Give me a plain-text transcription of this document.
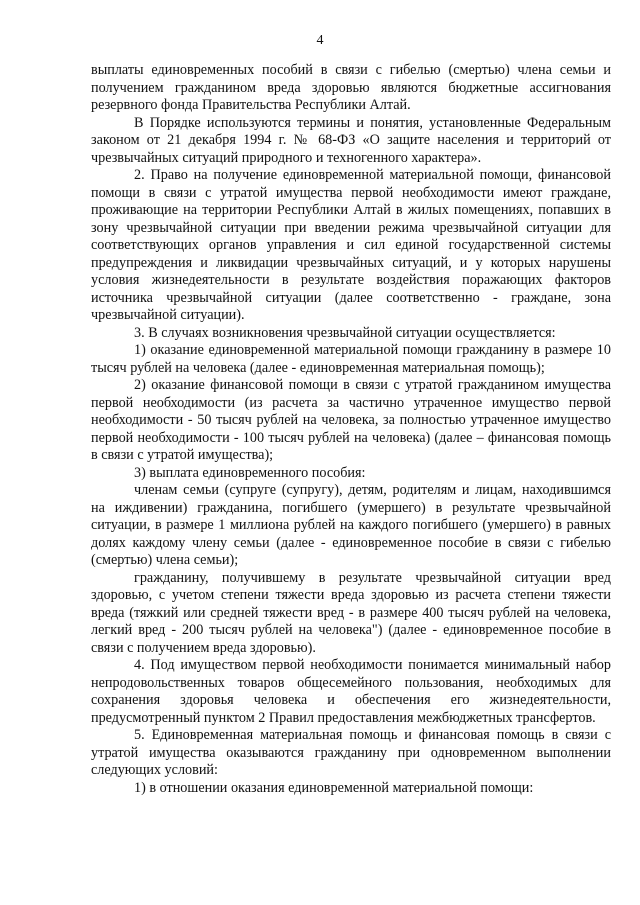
4

выплаты единовременных пособий в связи с гибелью (смертью) члена семьи и получением гражданином вреда здоровью являются бюджетные ассигнования резервного фонда Правительства Республики Алтай.

В Порядке используются термины и понятия, установленные Федеральным законом от 21 декабря 1994 г. № 68-ФЗ «О защите населения и территорий от чрезвычайных ситуаций природного и техногенного характера».

2. Право на получение единовременной материальной помощи, финансовой помощи в связи с утратой имущества первой необходимости имеют граждане, проживающие на территории Республики Алтай в жилых помещениях, попавших в зону чрезвычайной ситуации при введении режима чрезвычайной ситуации для соответствующих органов управления и сил единой государственной системы предупреждения и ликвидации чрезвычайных ситуаций, и у которых нарушены условия жизнедеятельности в результате воздействия поражающих факторов источника чрезвычайной ситуации (далее соответственно - граждане, зона чрезвычайной ситуации).

3. В случаях возникновения чрезвычайной ситуации осуществляется:

1) оказание единовременной материальной помощи гражданину в размере 10 тысяч рублей на человека (далее - единовременная материальная помощь);

2) оказание финансовой помощи в связи с утратой гражданином имущества первой необходимости (из расчета за частично утраченное имущество первой необходимости - 50 тысяч рублей на человека, за полностью утраченное имущество первой необходимости - 100 тысяч рублей на человека) (далее – финансовая помощь в связи с утратой имущества);

3) выплата единовременного пособия:

членам семьи (супруге (супругу), детям, родителям и лицам, находившимся на иждивении) гражданина, погибшего (умершего) в результате чрезвычайной ситуации, в размере 1 миллиона рублей на каждого погибшего (умершего) в равных долях каждому члену семьи (далее - единовременное пособие в связи с гибелью (смертью) члена семьи);

гражданину, получившему в результате чрезвычайной ситуации вред здоровью, с учетом степени тяжести вреда здоровью из расчета степени тяжести вреда (тяжкий или средней тяжести вред - в размере 400 тысяч рублей на человека, легкий вред - 200 тысяч рублей на человека") (далее - единовременное пособие в связи с получением вреда здоровью).

4. Под имуществом первой необходимости понимается минимальный набор непродовольственных товаров общесемейного пользования, необходимых для сохранения здоровья человека и обеспечения его жизнедеятельности, предусмотренный пунктом 2 Правил предоставления межбюджетных трансфертов.

5. Единовременная материальная помощь и финансовая помощь в связи с утратой имущества оказываются гражданину при одновременном выполнении следующих условий:

1) в отношении оказания единовременной материальной помощи:
